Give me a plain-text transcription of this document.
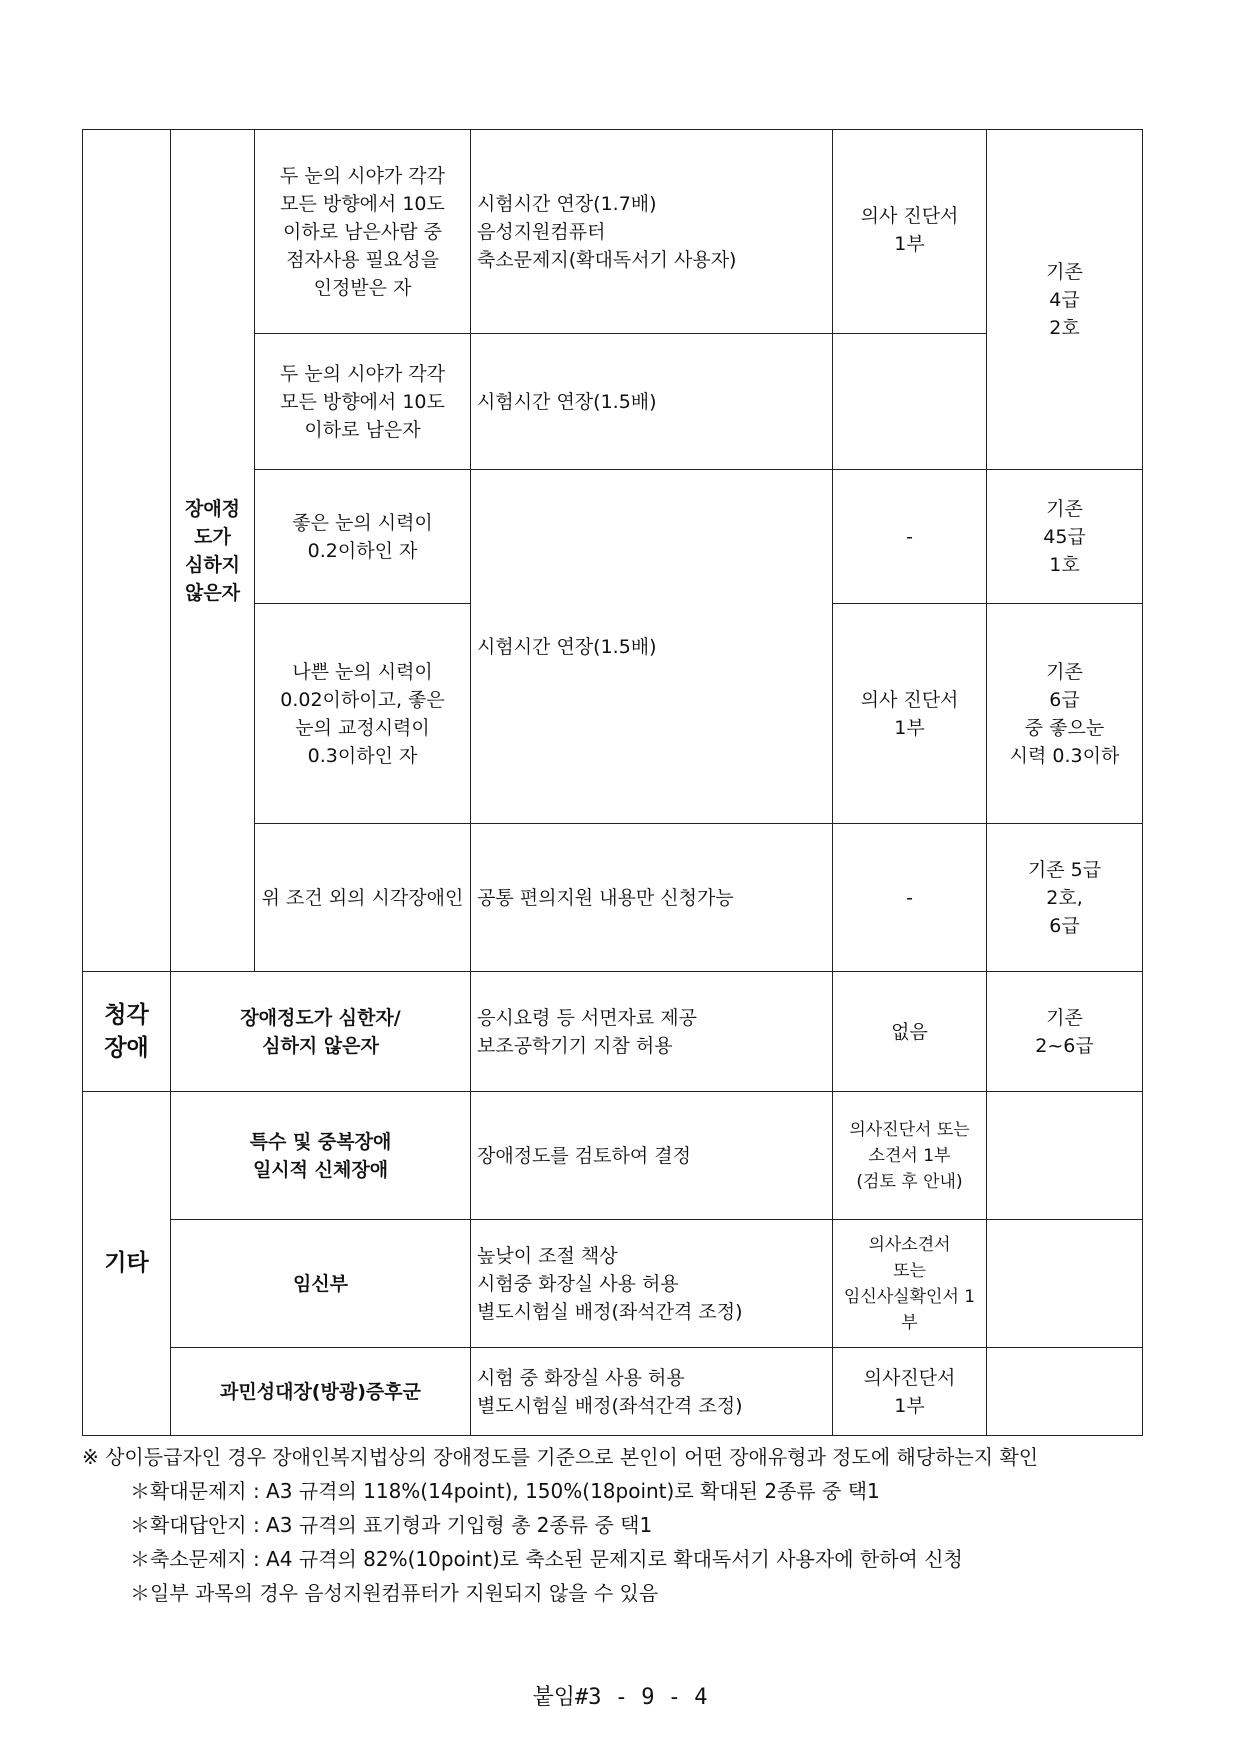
	장애정
도가
심하지
않은자	두 눈의 시야가 각각
모든 방향에서 10도
이하로 남은사람 중
점자사용 필요성을
인정받은 자	시험시간 연장(1.7배)
음성지원컴퓨터
축소문제지(확대독서기 사용자)	의사 진단서
1부	기존
4급
2호
		두 눈의 시야가 각각
모든 방향에서 10도
이하로 남은자	시험시간 연장(1.5배)		
		좋은 눈의 시력이
0.2이하인 자	시험시간 연장(1.5배)	-	기존
45급
1호
		나쁜 눈의 시력이
0.02이하이고, 좋은
눈의 교정시력이
0.3이하인 자		의사 진단서
1부	기존
6급
중 좋으눈
시력 0.3이하
		위 조건 외의 시각장애인	공통 편의지원 내용만 신청가능	-	기존 5급
2호,
6급

청각
장애	장애정도가 심한자/
심하지 않은자		응시요령 등 서면자료 제공
보조공학기기 지참 허용	없음	기존
2~6급
기타	특수 및 중복장애
일시적 신체장애		장애정도를 검토하여 결정	의사진단서 또는
소견서 1부
(검토 후 안내)	
	임신부		높낮이 조절 책상
시험중 화장실 사용 허용
별도시험실 배정(좌석간격 조정)	의사소견서
또는
임신사실확인서 1부	
	과민성대장(방광)증후군		시험 중 화장실 사용 허용
별도시험실 배정(좌석간격 조정)	의사진단서
1부	
※ 상이등급자인 경우 장애인복지법상의 장애정도를 기준으로 본인이 어떤 장애유형과 정도에 해당하는지 확인
＊확대문제지 : A3 규격의 118%(14point), 150%(18point)로 확대된 2종류 중 택1
＊확대답안지 : A3 규격의 표기형과 기입형 총 2종류 중 택1
＊축소문제지 : A4 규격의 82%(10point)로 축소된 문제지로 확대독서기 사용자에 한하여 신청
＊일부 과목의 경우 음성지원컴퓨터가 지원되지 않을 수 있음
붙임#3 - 9 - 4
